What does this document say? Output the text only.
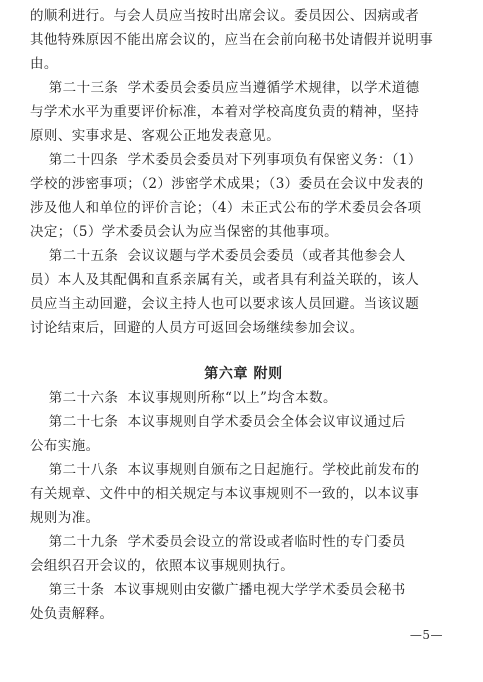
的顺利进行。与会人员应当按时出席会议。委员因公、因病或者
其他特殊原因不能出席会议的，应当在会前向秘书处请假并说明事由。

第二十三条  学术委员会委员应当遵循学术规律，以学术道德
与学术水平为重要评价标准，本着对学校高度负责的精神，坚持
原则、实事求是、客观公正地发表意见。

第二十四条  学术委员会委员对下列事项负有保密义务：（1）
学校的涉密事项；（2）涉密学术成果；（3）委员在会议中发表的
涉及他人和单位的评价言论；（4）未正式公布的学术委员会各项
决定；（5）学术委员会认为应当保密的其他事项。

第二十五条  会议议题与学术委员会委员（或者其他参会人
员）本人及其配偶和直系亲属有关，或者具有利益关联的，该人
员应当主动回避，会议主持人也可以要求该人员回避。当该议题
讨论结束后，回避的人员方可返回会场继续参加会议。

第六章 附则

第二十六条  本议事规则所称“以上”均含本数。

第二十七条  本议事规则自学术委员会全体会议审议通过后
公布实施。

第二十八条  本议事规则自颁布之日起施行。学校此前发布的
有关规章、文件中的相关规定与本议事规则不一致的，以本议事
规则为准。

第二十九条  学术委员会设立的常设或者临时性的专门委员
会组织召开会议的，依照本议事规则执行。

第三十条  本议事规则由安徽广播电视大学学术委员会秘书
处负责解释。

—5—
